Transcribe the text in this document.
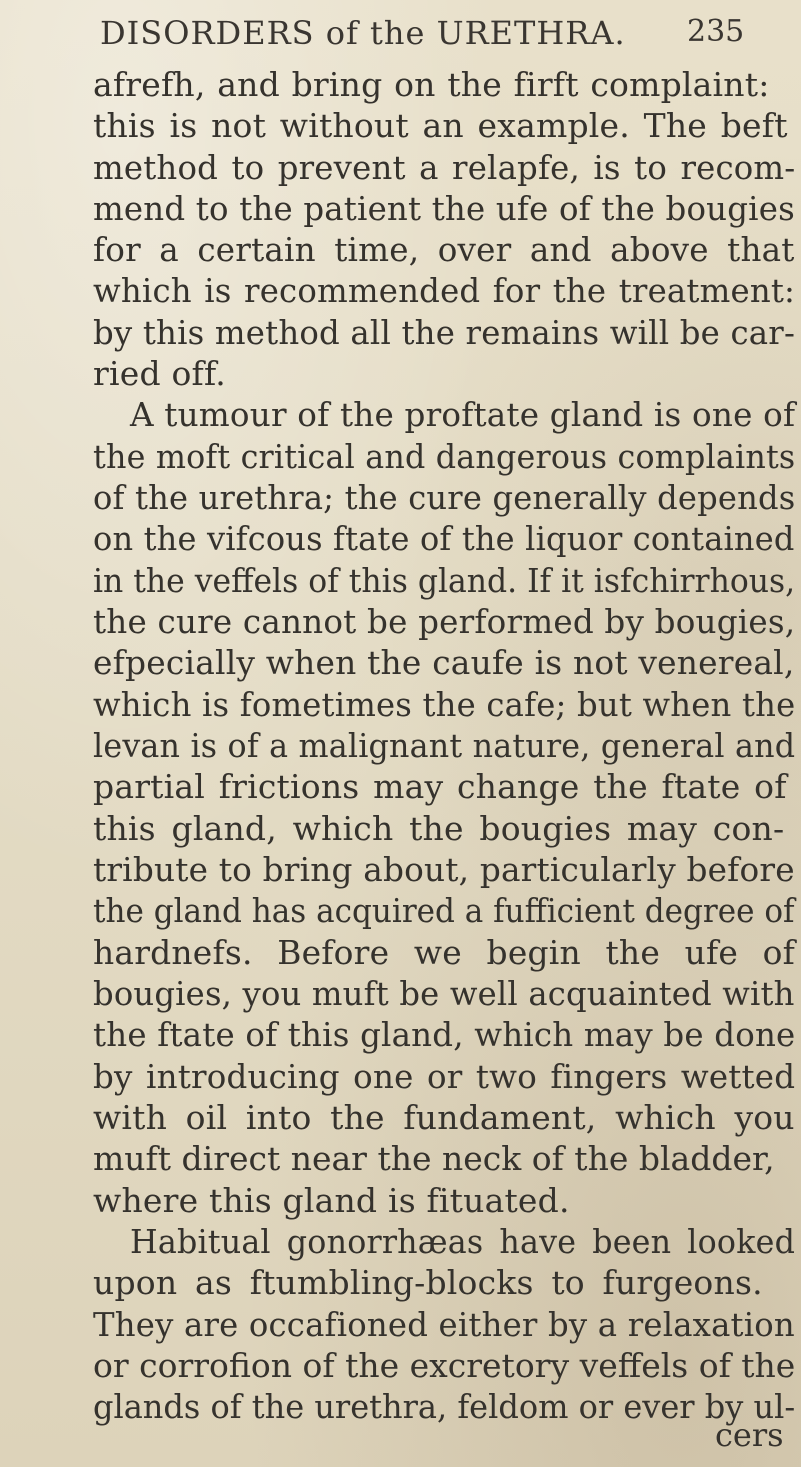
DISORDERS of the URETHRA. 235
afrefh, and bring on the firft complaint:
this is not without an example. The beft
method to prevent a relapfe, is to recom-
mend to the patient the ufe of the bougies
for a certain time, over and above that
which is recommended for the treatment:
by this method all the remains will be car-
ried off.
A tumour of the proftate gland is one of
the moft critical and dangerous complaints
of the urethra; the cure generally depends
on the vifcous ftate of the liquor contained
in the veffels of this gland. If it isfchirrhous,
the cure cannot be performed by bougies,
efpecially when the caufe is not venereal,
which is fometimes the cafe; but when the
levan is of a malignant nature, general and
partial frictions may change the ftate of
this gland, which the bougies may con-
tribute to bring about, particularly before
the gland has acquired a fufficient degree of
hardnefs. Before we begin the ufe of
bougies, you muft be well acquainted with
the ftate of this gland, which may be done
by introducing one or two fingers wetted
with oil into the fundament, which you
muft direct near the neck of the bladder,
where this gland is fituated.
Habitual gonorrhæas have been looked
upon as ftumbling-blocks to furgeons.
They are occafioned either by a relaxation
or corrofion of the excretory veffels of the
glands of the urethra, feldom or ever by ul-
cers
